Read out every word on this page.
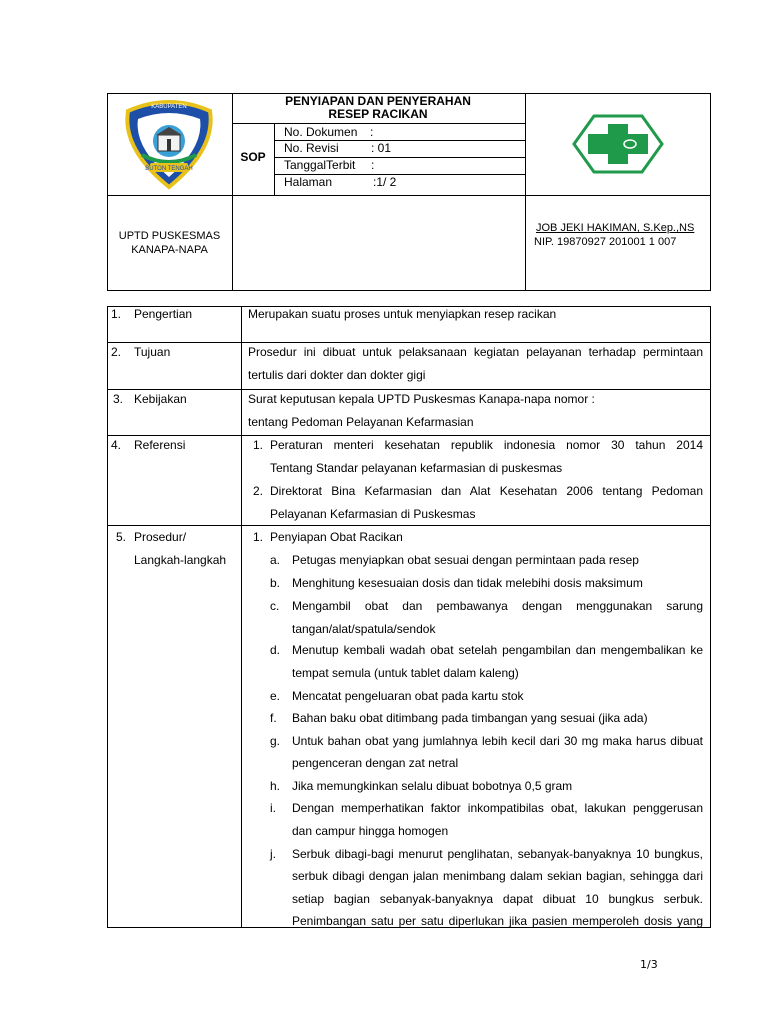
BUTON TENGAH
KABUPATEN	PENYIAPAN DAN PENYERAHAN
RESEP RACIKAN
SOP
No. Dokumen :
No. Revisi	: 01
TanggalTerbit :
Halaman	:1/ 2
UPTD PUSKESMAS
KANAPA-NAPA
JOB JEKI HAKIMAN, S.Kep.,NS
NIP. 19870927 201001 1 007
1. Pengertian	Merupakan suatu proses untuk menyiapkan resep racikan
2. Tujuan	Prosedur ini dibuat untuk pelaksanaan kegiatan pelayanan terhadap permintaan
tertulis dari dokter dan dokter gigi
3. Kebijakan	Surat keputusan kepala UPTD Puskesmas Kanapa-napa nomor :
tentang Pedoman Pelayanan Kefarmasian
4. Referensi	1. Peraturan menteri kesehatan republik indonesia nomor 30 tahun 2014
Tentang Standar pelayanan kefarmasian di puskesmas
2. Direktorat Bina Kefarmasian dan Alat Kesehatan 2006 tentang Pedoman
Pelayanan Kefarmasian di Puskesmas
5. Prosedur/
Langkah-langkah
1. Penyiapan Obat Racikan
a. Petugas menyiapkan obat sesuai dengan permintaan pada resep
b. Menghitung kesesuaian dosis dan tidak melebihi dosis maksimum
c. Mengambil obat dan pembawanya dengan menggunakan sarung
tangan/alat/spatula/sendok
d. Menutup kembali wadah obat setelah pengambilan dan mengembalikan ke
tempat semula (untuk tablet dalam kaleng)
e. Mencatat pengeluaran obat pada kartu stok
f. Bahan baku obat ditimbang pada timbangan yang sesuai (jika ada)
g. Untuk bahan obat yang jumlahnya lebih kecil dari 30 mg maka harus dibuat
pengenceran dengan zat netral
h. Jika memungkinkan selalu dibuat bobotnya 0,5 gram
i. Dengan memperhatikan faktor inkompatibilas obat, lakukan penggerusan
dan campur hingga homogen
j. Serbuk dibagi-bagi menurut penglihatan, sebanyak-banyaknya 10 bungkus,
serbuk dibagi dengan jalan menimbang dalam sekian bagian, sehingga dari
setiap bagian sebanyak-banyaknya dapat dibuat 10 bungkus serbuk.
Penimbangan satu per satu diperlukan jika pasien memperoleh dosis yang
1/3
